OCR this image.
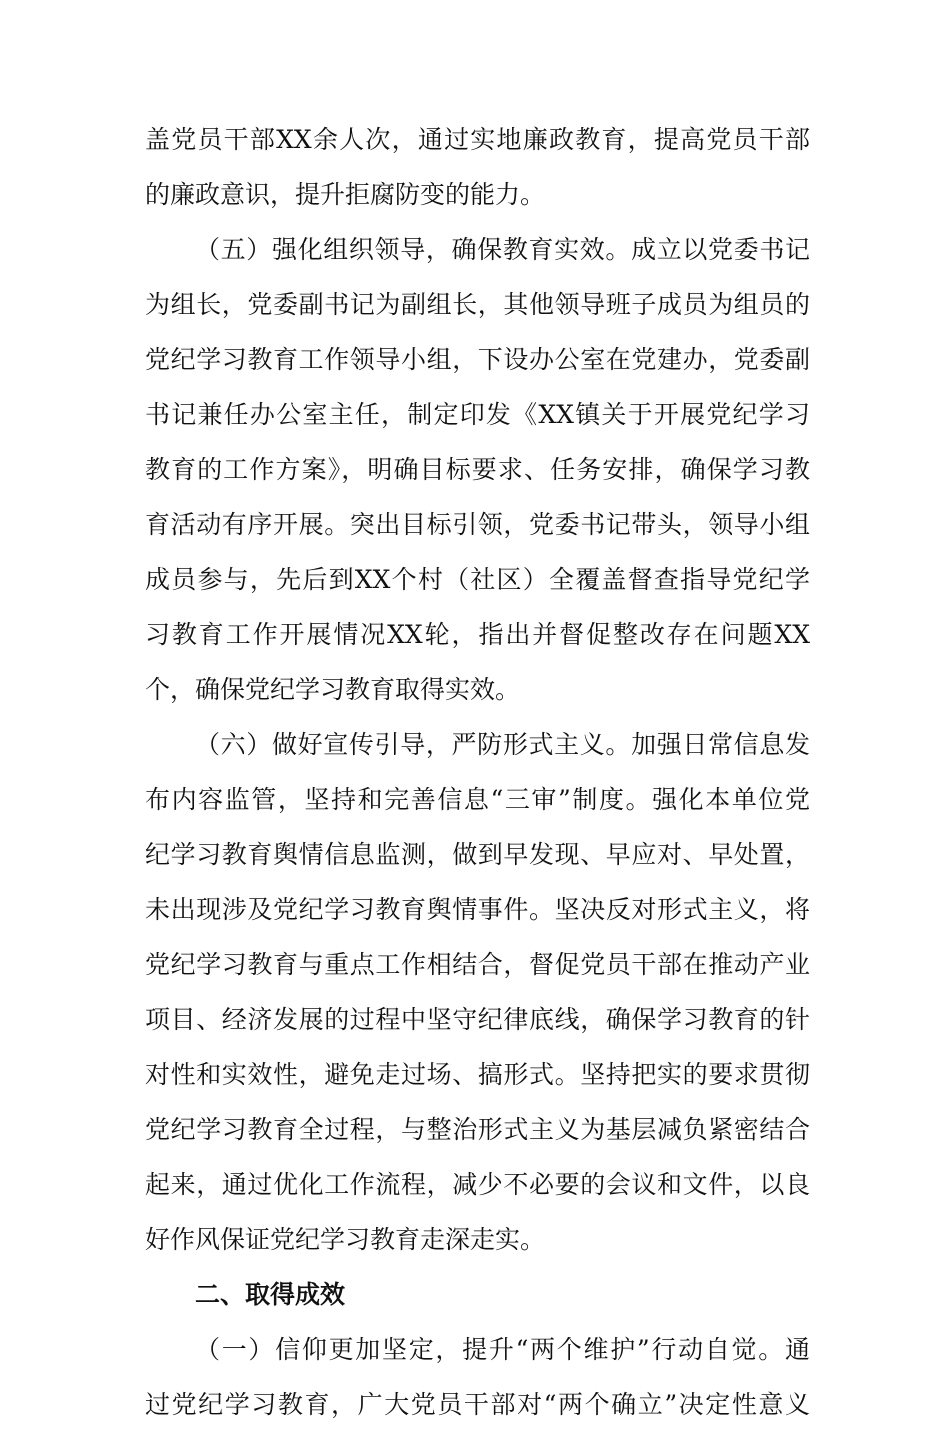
盖党员干部XX余人次，通过实地廉政教育，提高党员干部
的廉政意识，提升拒腐防变的能力。
（五）强化组织领导，确保教育实效。成立以党委书记
为组长，党委副书记为副组长，其他领导班子成员为组员的
党纪学习教育工作领导小组，下设办公室在党建办，党委副
书记兼任办公室主任，制定印发《XX镇关于开展党纪学习
教育的工作方案》，明确目标要求、任务安排，确保学习教
育活动有序开展。突出目标引领，党委书记带头，领导小组
成员参与，先后到XX个村（社区）全覆盖督查指导党纪学
习教育工作开展情况XX轮，指出并督促整改存在问题XX
个，确保党纪学习教育取得实效。
（六）做好宣传引导，严防形式主义。加强日常信息发
布内容监管，坚持和完善信息“三审”制度。强化本单位党
纪学习教育舆情信息监测，做到早发现、早应对、早处置，
未出现涉及党纪学习教育舆情事件。坚决反对形式主义，将
党纪学习教育与重点工作相结合，督促党员干部在推动产业
项目、经济发展的过程中坚守纪律底线，确保学习教育的针
对性和实效性，避免走过场、搞形式。坚持把实的要求贯彻
党纪学习教育全过程，与整治形式主义为基层减负紧密结合
起来，通过优化工作流程，减少不必要的会议和文件，以良
好作风保证党纪学习教育走深走实。
二、取得成效
（一）信仰更加坚定，提升“两个维护”行动自觉。通
过党纪学习教育，广大党员干部对“两个确立”决定性意义
